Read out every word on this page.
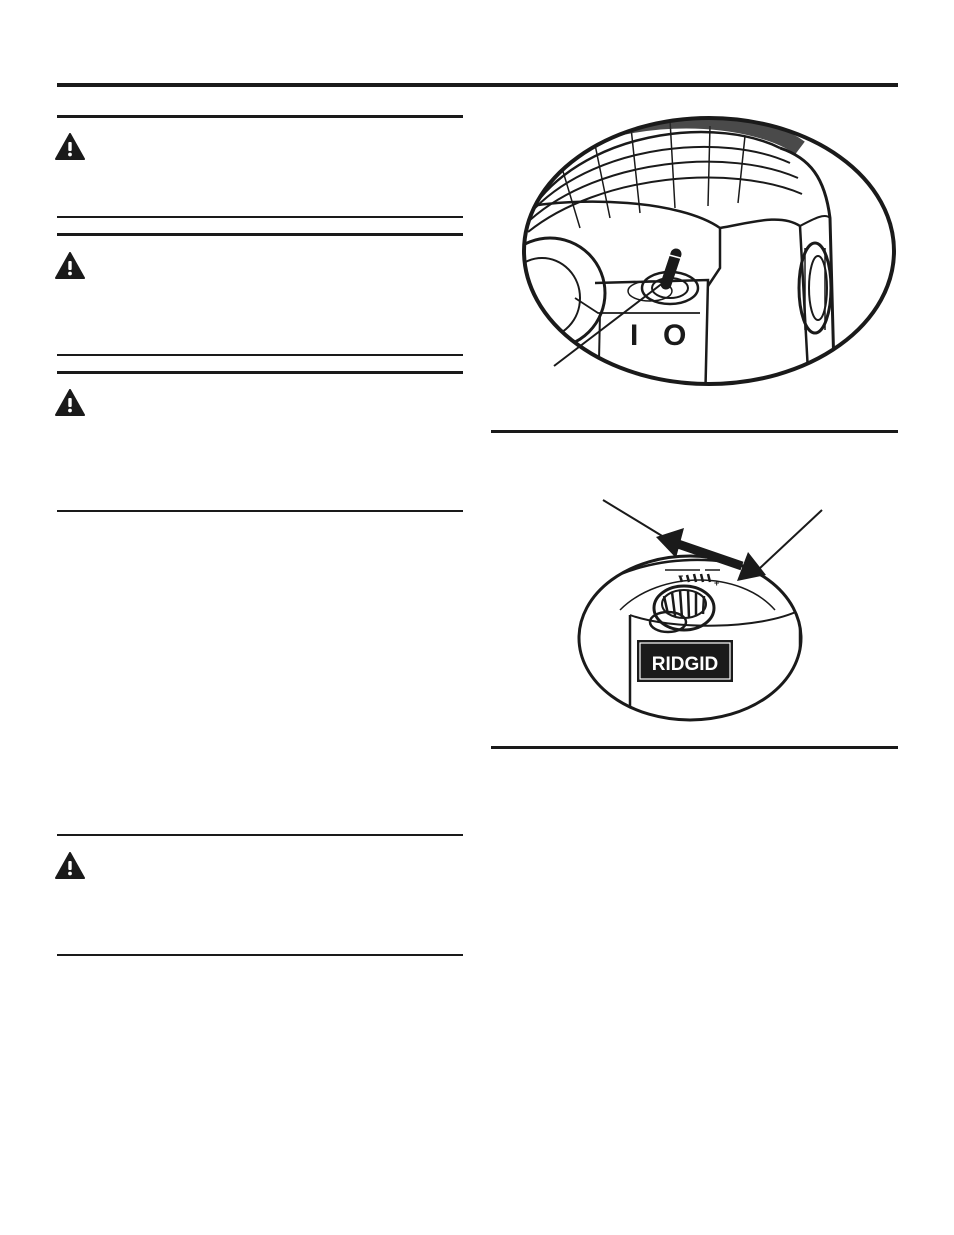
I O
RIDGID
−
+
